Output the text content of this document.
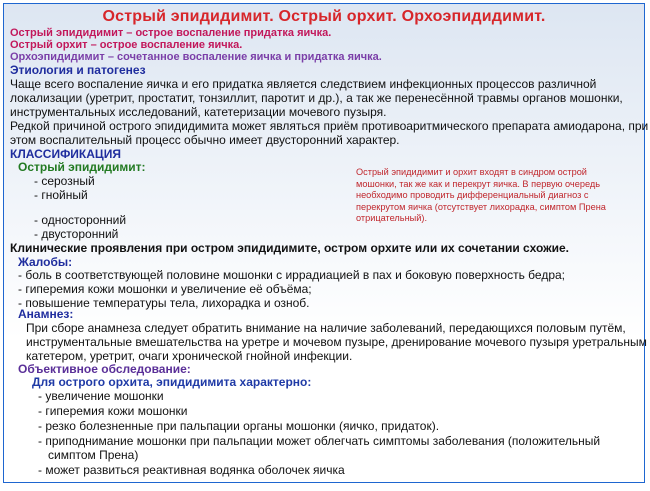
Острый эпидидимит. Острый орхит. Орхоэпидидимит.
Острый эпидидимит – острое воспаление придатка яичка.
Острый орхит – острое воспаление яичка.
Орхоэпидидимит – сочетанное воспаление яичка и придатка яичка.
Этиология и патогенез
Чаще всего воспаление яичка и его придатка является следствием инфекционных процессов различной
локализации (уретрит, простатит, тонзиллит, паротит и др.), а так же перенесённой травмы органов мошонки,
инструментальных исследований, катетеризации мочевого пузыря.
Редкой причиной острого эпидидимита может являться приём противоаритмического препарата амиодарона, при
этом воспалительный процесс обычно имеет двусторонний характер.
КЛАССИФИКАЦИЯ
Острый эпидидимит:
- серозный
- гнойный
- односторонний
- двусторонний
Острый эпидидимит и орхит входят в синдром острой мошонки, так же как и перекрут яичка. В первую очередь необходимо проводить дифференциальный диагноз с перекрутом яичка (отсутствует лихорадка, симптом Прена отрицательный).
Клинические проявления при остром эпидидимите, остром орхите или их сочетании схожие.
Жалобы:
- боль в соответствующей половине мошонки с иррадиацией в пах и боковую поверхность бедра;
- гиперемия кожи мошонки и увеличение её объёма;
- повышение температуры тела, лихорадка и озноб.
Анамнез:
При сборе анамнеза следует обратить внимание на наличие заболеваний, передающихся половым путём,
инструментальные вмешательства на уретре и мочевом пузыре, дренирование мочевого пузыря уретральным
катетером, уретрит, очаги хронической гнойной инфекции.
Объективное обследование:
Для острого орхита, эпидидимита характерно:
- увеличение мошонки
- гиперемия кожи мошонки
- резко болезненные при пальпации органы мошонки (яичко, придаток).
- приподнимание мошонки при пальпации может облегчать симптомы заболевания (положительный
симптом Прена)
- может развиться реактивная водянка оболочек яичка
